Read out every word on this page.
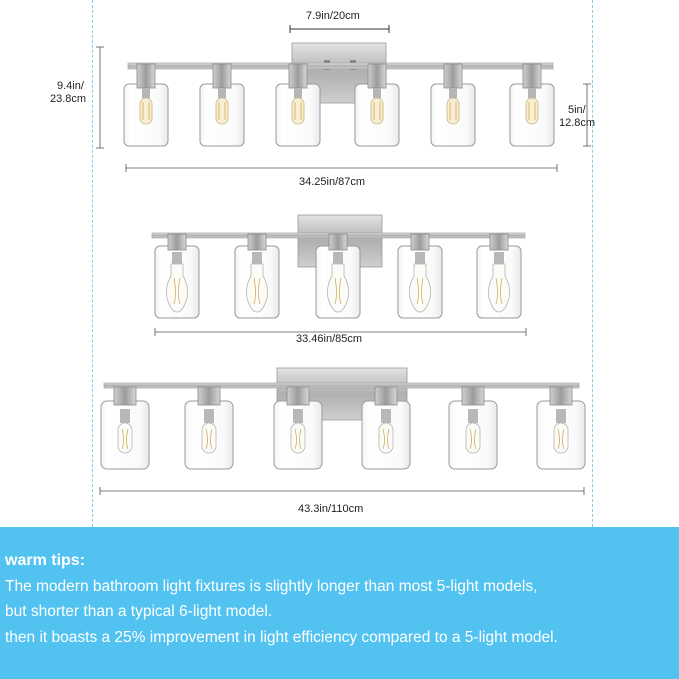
7.9in/20cm
9.4in/
23.8cm
5in/
12.8cm
34.25in/87cm
33.46in/85cm
43.3in/110cm
warm tips:
The modern bathroom light fixtures is slightly longer than most 5-light models,
but shorter than a typical 6-light model.
then it boasts a 25% improvement in light efficiency compared to a 5-light model.
